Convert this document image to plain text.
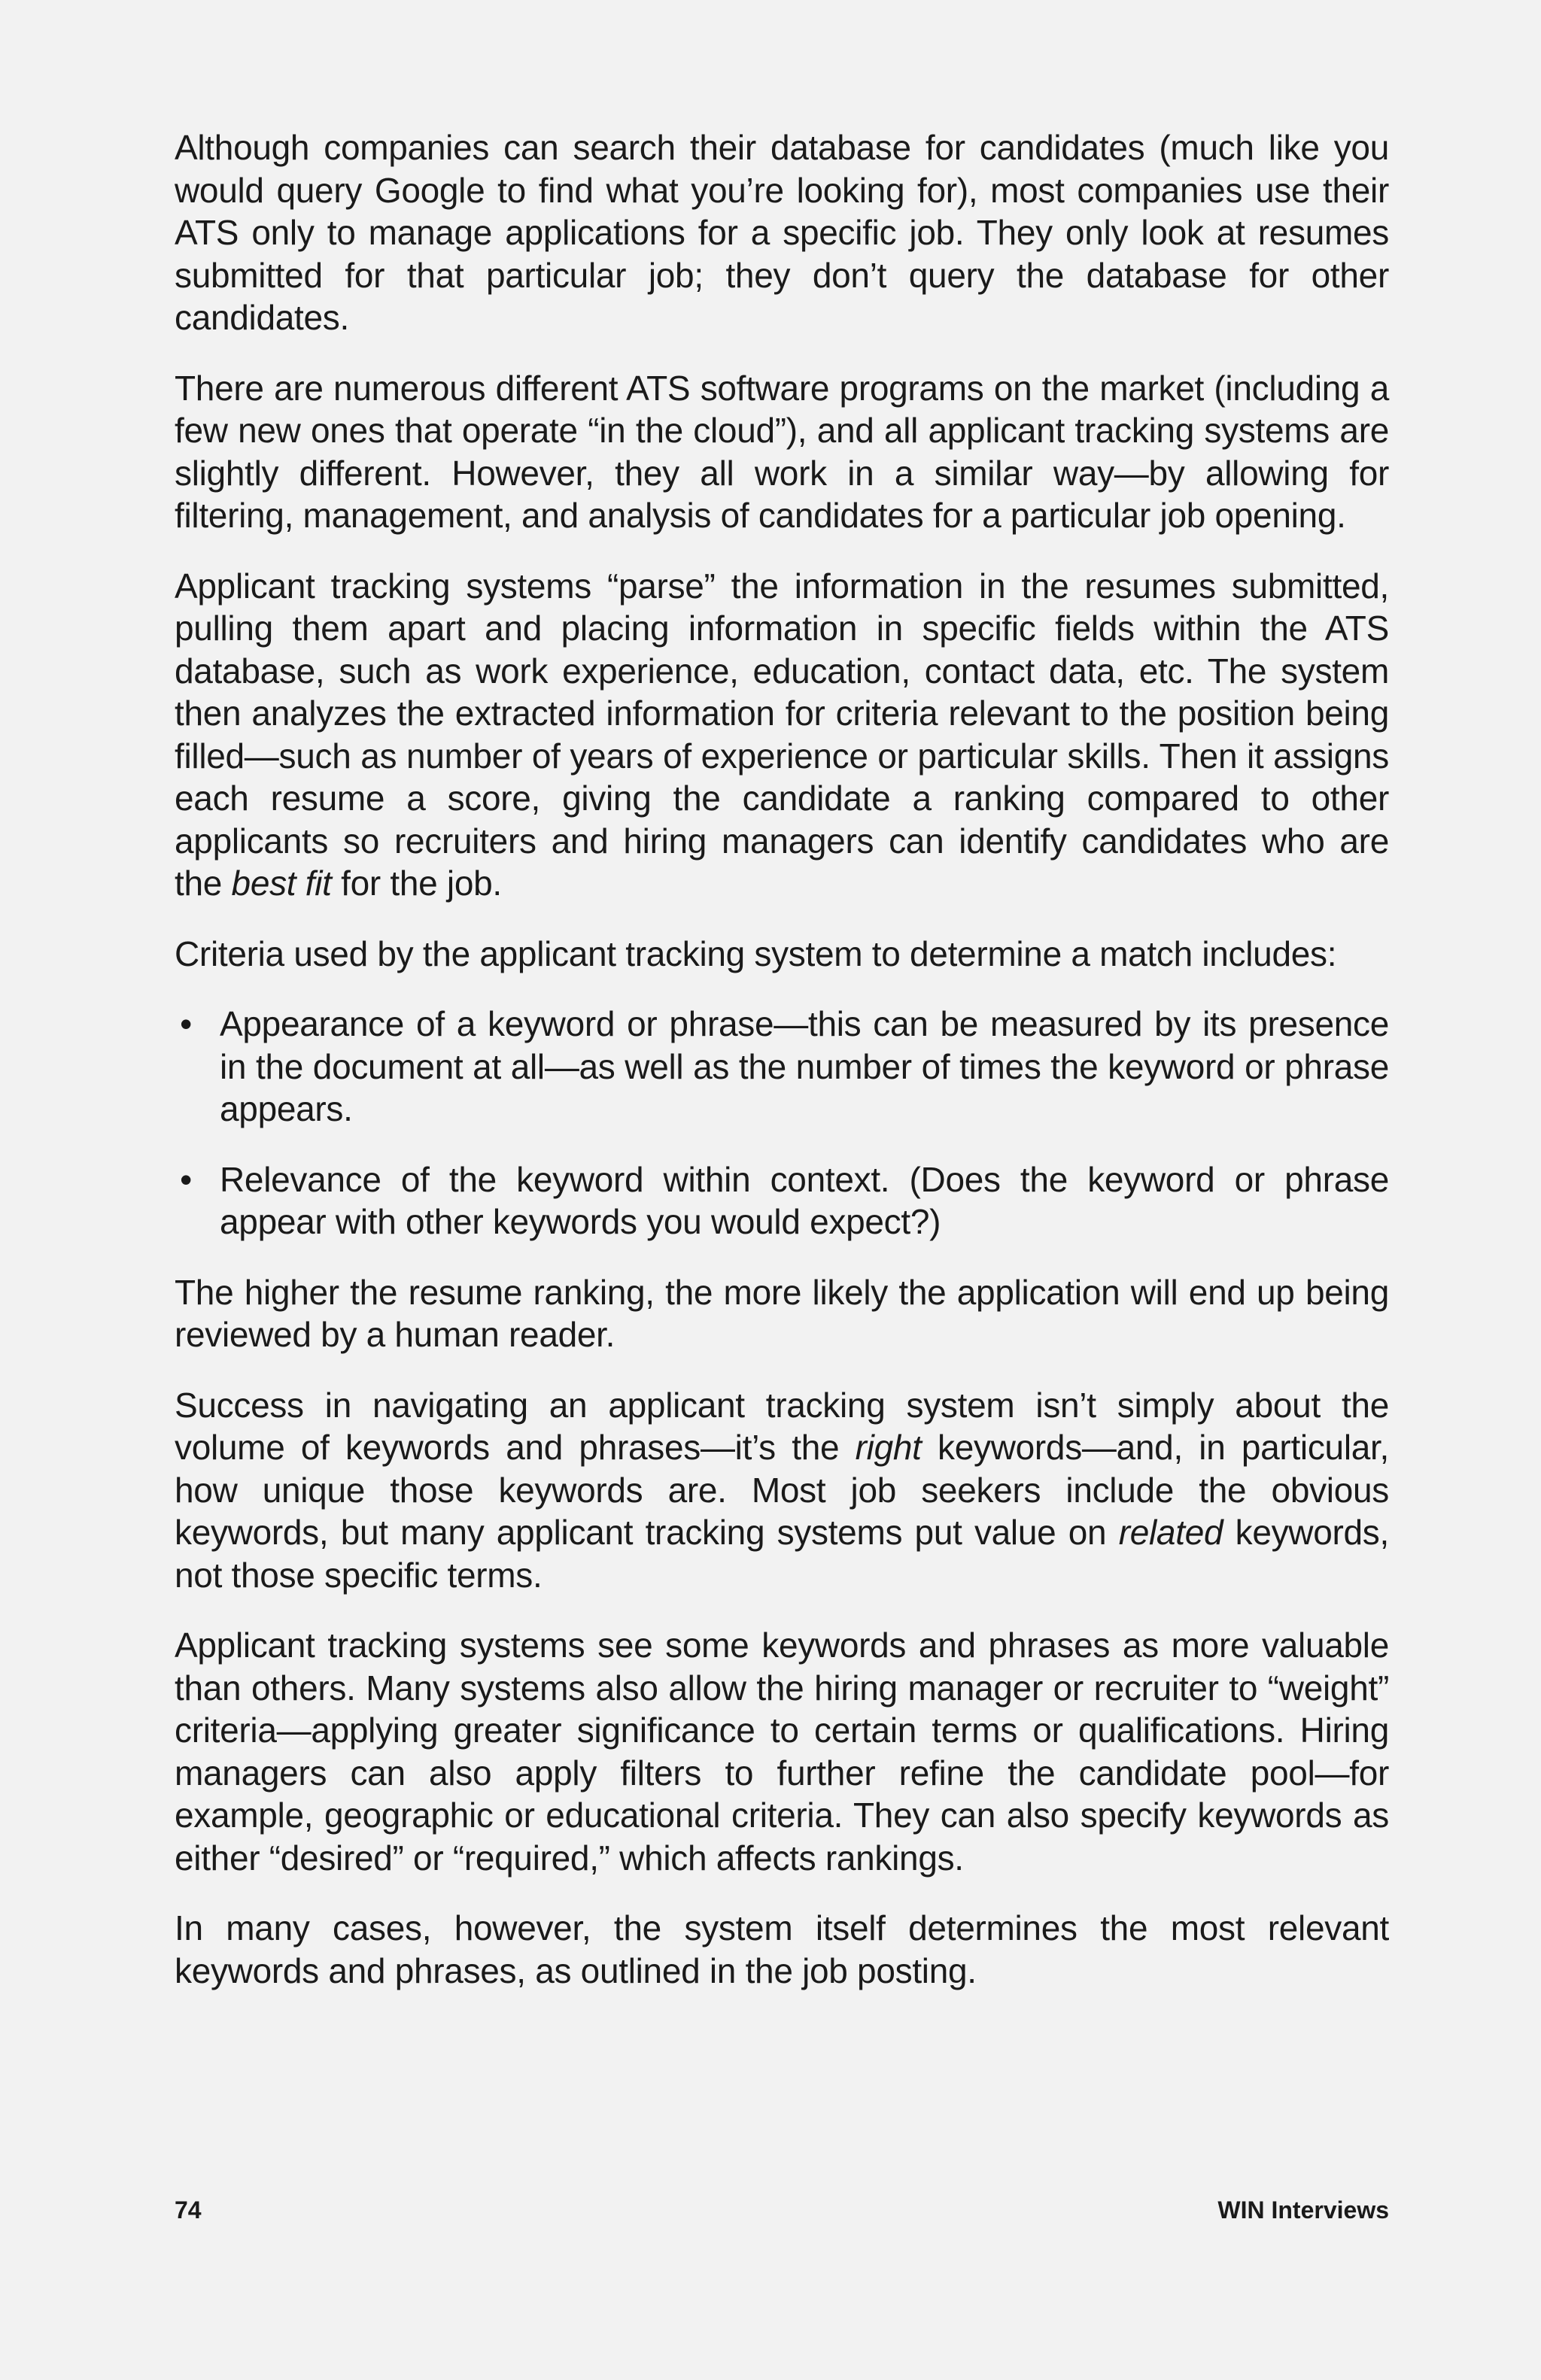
Although companies can search their database for candidates (much like you would query Google to find what you’re looking for), most companies use their ATS only to manage applications for a specific job. They only look at resumes submitted for that particular job; they don’t query the database for other candidates.

There are numerous different ATS software programs on the market (including a few new ones that operate “in the cloud”), and all applicant tracking systems are slightly different. However, they all work in a similar way—by allowing for filtering, management, and analysis of candidates for a particular job opening.

Applicant tracking systems “parse” the information in the resumes submitted, pulling them apart and placing information in specific fields within the ATS database, such as work experience, education, contact data, etc. The system then analyzes the extracted information for criteria relevant to the position being filled—such as number of years of experience or particular skills. Then it assigns each resume a score, giving the candidate a ranking compared to other applicants so recruiters and hiring managers can identify candidates who are the best fit for the job.

Criteria used by the applicant tracking system to determine a match includes:

• Appearance of a keyword or phrase—this can be measured by its presence in the document at all—as well as the number of times the keyword or phrase appears.
• Relevance of the keyword within context. (Does the keyword or phrase appear with other keywords you would expect?)

The higher the resume ranking, the more likely the application will end up being reviewed by a human reader.

Success in navigating an applicant tracking system isn’t simply about the volume of keywords and phrases—it’s the right keywords—and, in particular, how unique those keywords are. Most job seekers include the obvious keywords, but many applicant tracking systems put value on related keywords, not those specific terms.

Applicant tracking systems see some keywords and phrases as more valuable than others. Many systems also allow the hiring manager or recruiter to “weight” criteria—applying greater significance to certain terms or qualifications. Hiring managers can also apply filters to further refine the candidate pool—for example, geographic or educational criteria. They can also specify keywords as either “desired” or “required,” which affects rankings.

In many cases, however, the system itself determines the most relevant keywords and phrases, as outlined in the job posting.

74	WIN Interviews
